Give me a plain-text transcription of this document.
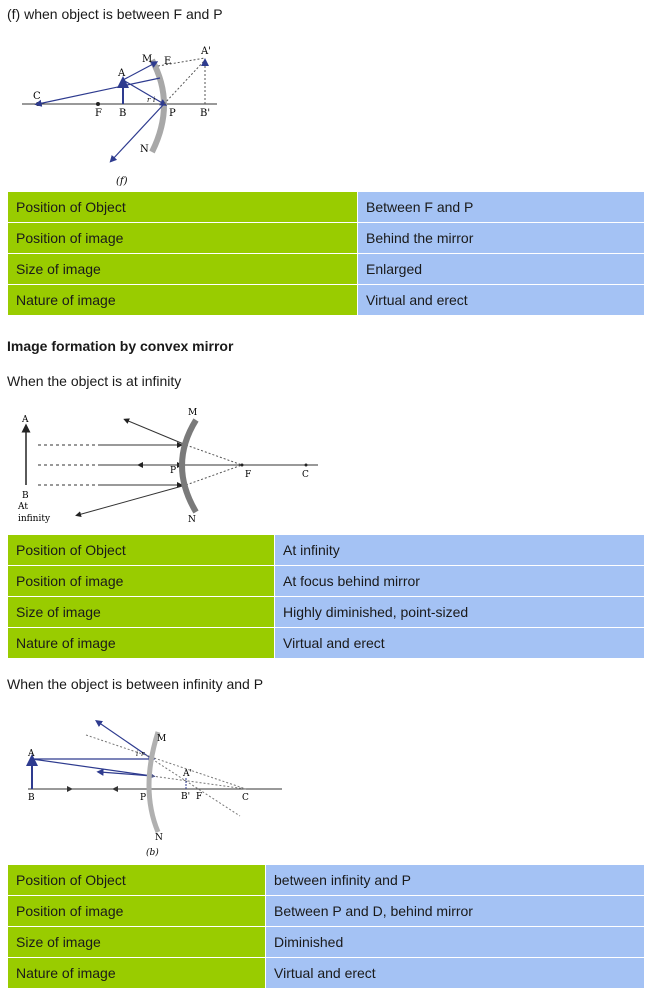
(f) when object is between F and P
C
F B	P B'
A
A'
M E
N
r i
(f)
Position of Object	Between F and P
Position of image	Behind the mirror
Size of image	Enlarged
Nature of image	Virtual and erect
Image formation by convex mirror
When the object is at infinity
A
B
At
infinity
M
N
P	F	C
Position of Object	At infinity
Position of image	At focus behind mirror
Size of image	Highly diminished, point-sized
Nature of image	Virtual and erect
When the object is between infinity and P
A
B
M
N
P
A'
B' F	C
i r
(b)
Position of Object	between infinity and P
Position of image	Between P and D, behind mirror
Size of image	Diminished
Nature of image	Virtual and erect
